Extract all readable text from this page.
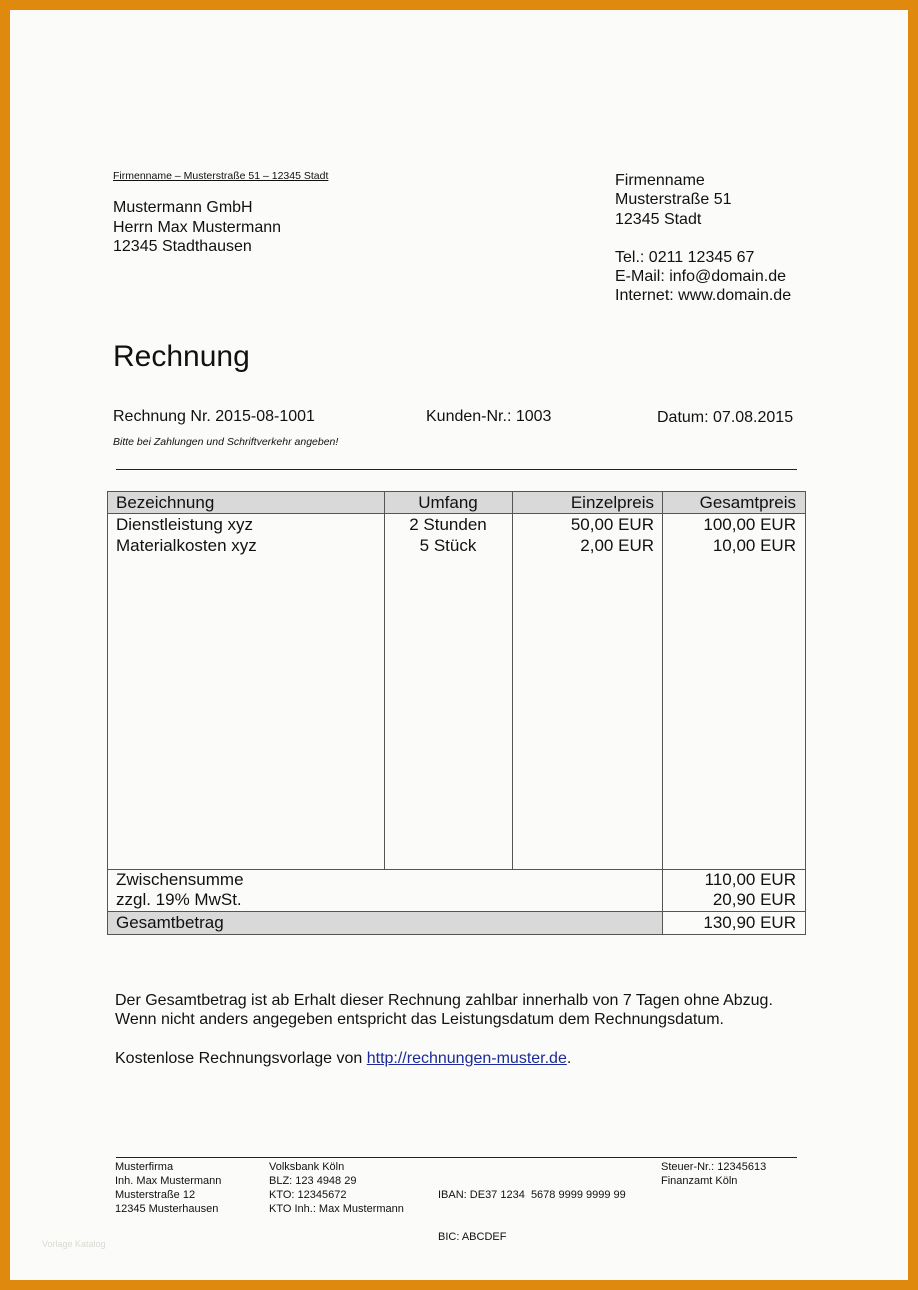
Firmenname – Musterstraße 51 – 12345 Stadt
Mustermann GmbH
Herrn Max Mustermann
12345 Stadthausen
Firmenname
Musterstraße 51
12345 Stadt
Tel.: 0211 12345 67
E-Mail: info@domain.de
Internet: www.domain.de
Rechnung
Rechnung Nr. 2015-08-1001	Kunden-Nr.: 1003	Datum: 07.08.2015
Bitte bei Zahlungen und Schriftverkehr angeben!
Bezeichnung	Umfang	Einzelpreis	Gesamtpreis
Dienstleistung xyz	2 Stunden	50,00 EUR	100,00 EUR
Materialkosten xyz	5 Stück	2,00 EUR	10,00 EUR
Zwischensumme	110,00 EUR
zzgl. 19% MwSt.	20,90 EUR
Gesamtbetrag	130,90 EUR
Der Gesamtbetrag ist ab Erhalt dieser Rechnung zahlbar innerhalb von 7 Tagen ohne Abzug.
Wenn nicht anders angegeben entspricht das Leistungsdatum dem Rechnungsdatum.
Kostenlose Rechnungsvorlage von http://rechnungen-muster.de.
Musterfirma
Inh. Max Mustermann
Musterstraße 12
12345 Musterhausen
Volksbank Köln
BLZ: 123 4948 29
KTO: 12345672
KTO Inh.: Max Mustermann

IBAN: DE37 1234  5678 9999 9999 99

BIC: ABCDEF

Steuer-Nr.: 12345613
Finanzamt Köln
Vorlage Katalog
